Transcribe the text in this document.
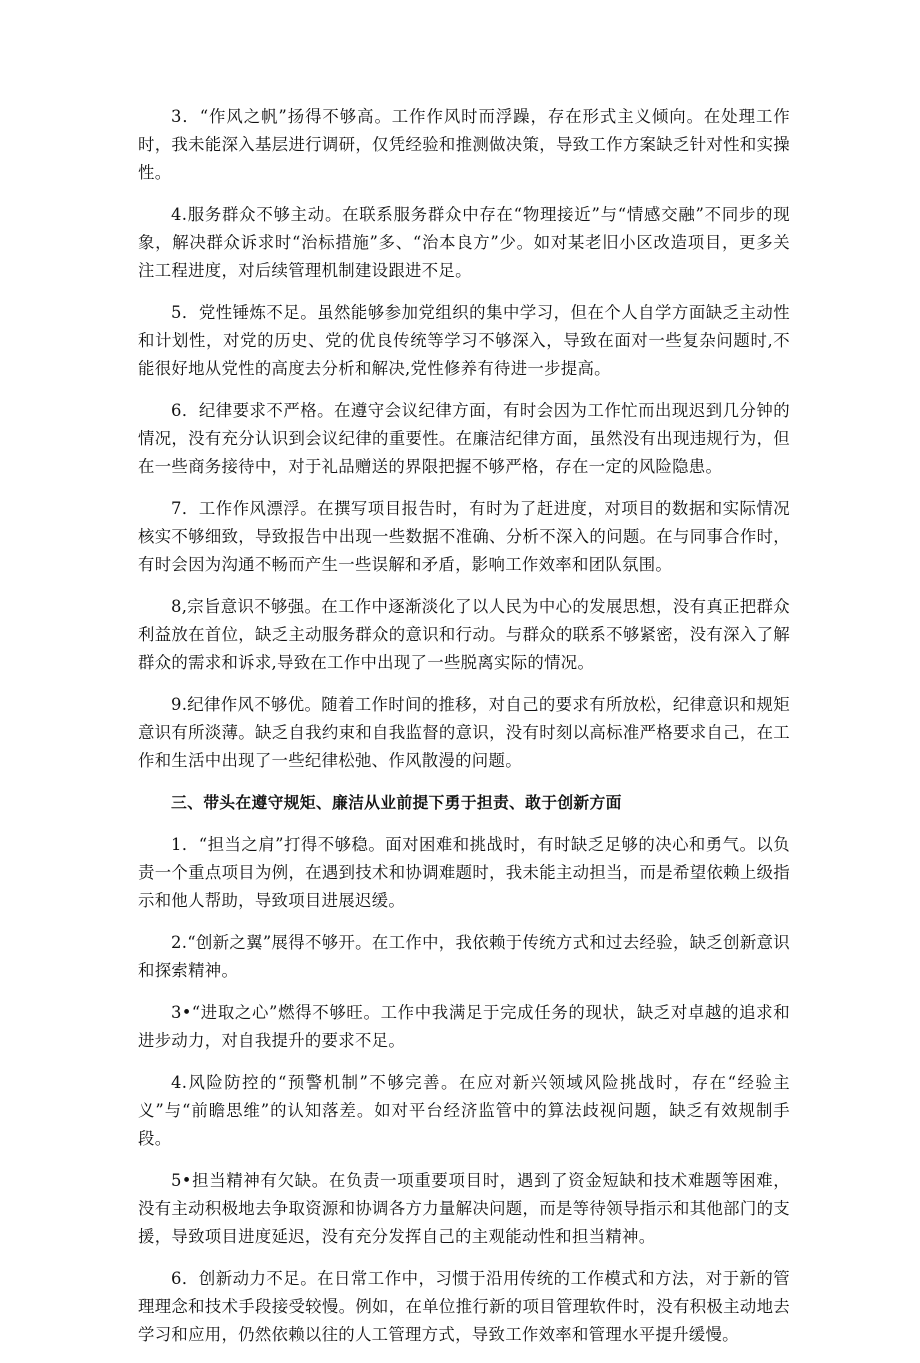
3．“作风之帆”扬得不够高。工作作风时而浮躁，存在形式主义倾向。在处理工作时，我未能深入基层进行调研，仅凭经验和推测做决策，导致工作方案缺乏针对性和实操性。

4.服务群众不够主动。在联系服务群众中存在“物理接近”与“情感交融”不同步的现象，解决群众诉求时“治标措施”多、“治本良方”少。如对某老旧小区改造项目，更多关注工程进度，对后续管理机制建设跟进不足。

5．党性锤炼不足。虽然能够参加党组织的集中学习，但在个人自学方面缺乏主动性和计划性，对党的历史、党的优良传统等学习不够深入，导致在面对一些复杂问题时,不能很好地从党性的高度去分析和解决,党性修养有待进一步提高。

6．纪律要求不严格。在遵守会议纪律方面，有时会因为工作忙而出现迟到几分钟的情况，没有充分认识到会议纪律的重要性。在廉洁纪律方面，虽然没有出现违规行为，但在一些商务接待中，对于礼品赠送的界限把握不够严格，存在一定的风险隐患。

7．工作作风漂浮。在撰写项目报告时，有时为了赶进度，对项目的数据和实际情况核实不够细致，导致报告中出现一些数据不准确、分析不深入的问题。在与同事合作时，有时会因为沟通不畅而产生一些误解和矛盾，影响工作效率和团队氛围。

8,宗旨意识不够强。在工作中逐渐淡化了以人民为中心的发展思想，没有真正把群众利益放在首位，缺乏主动服务群众的意识和行动。与群众的联系不够紧密，没有深入了解群众的需求和诉求,导致在工作中出现了一些脱离实际的情况。

9.纪律作风不够优。随着工作时间的推移，对自己的要求有所放松，纪律意识和规矩意识有所淡薄。缺乏自我约束和自我监督的意识，没有时刻以高标准严格要求自己，在工作和生活中出现了一些纪律松弛、作风散漫的问题。

三、带头在遵守规矩、廉洁从业前提下勇于担责、敢于创新方面

1．“担当之肩”打得不够稳。面对困难和挑战时，有时缺乏足够的决心和勇气。以负责一个重点项目为例，在遇到技术和协调难题时，我未能主动担当，而是希望依赖上级指示和他人帮助，导致项目进展迟缓。

2.“创新之翼”展得不够开。在工作中，我依赖于传统方式和过去经验，缺乏创新意识和探索精神。

3•“进取之心”燃得不够旺。工作中我满足于完成任务的现状，缺乏对卓越的追求和进步动力，对自我提升的要求不足。

4.风险防控的“预警机制”不够完善。在应对新兴领域风险挑战时，存在“经验主义”与“前瞻思维”的认知落差。如对平台经济监管中的算法歧视问题，缺乏有效规制手段。

5•担当精神有欠缺。在负责一项重要项目时，遇到了资金短缺和技术难题等困难，没有主动积极地去争取资源和协调各方力量解决问题，而是等待领导指示和其他部门的支援，导致项目进度延迟，没有充分发挥自己的主观能动性和担当精神。

6．创新动力不足。在日常工作中，习惯于沿用传统的工作模式和方法，对于新的管理理念和技术手段接受较慢。例如，在单位推行新的项目管理软件时，没有积极主动地去学习和应用，仍然依赖以往的人工管理方式，导致工作效率和管理水平提升缓慢。
